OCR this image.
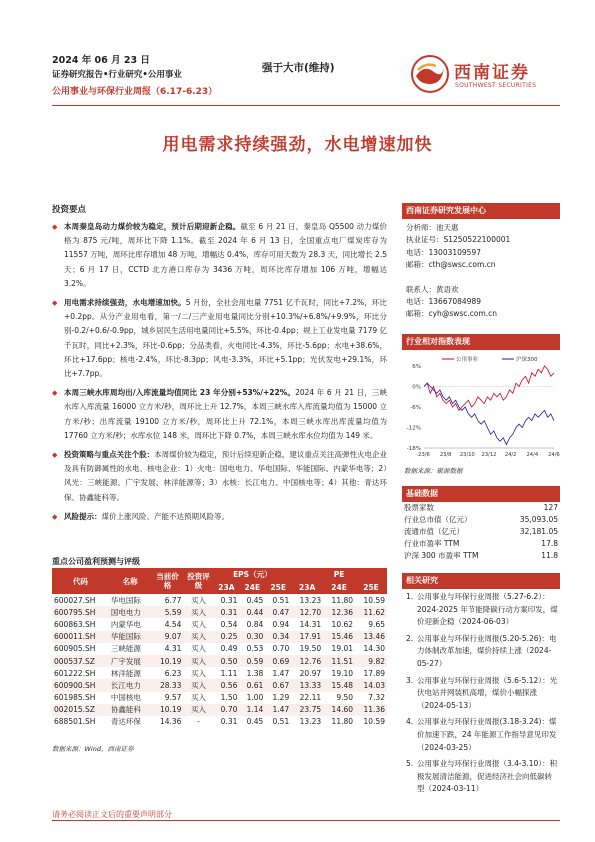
2024 年 06 月 23 日
证券研究报告•行业研究•公用事业
公用事业与环保行业周报（6.17-6.23）
强于大市(维持)	西南证券
SOUTHWEST SECURITIES
用电需求持续强劲，水电增速加快
投资要点
◆ 本周秦皇岛动力煤价较为稳定，预计后期迎新企稳。截至 6 月 21 日，秦皇岛 Q5500 动力煤价格为 875 元/吨，周环比下降 1.1%。截至 2024 年 6 月 13 日，全国重点电厂煤炭库存为 11557 万吨，周环比库存增加 48 万吨，增幅达 0.4%，库存可用天数为 28.3 天，同比增长 2.5 天；6 月 17 日，CCTD 北方港口库存为 3436 万吨，周环比库存增加 106 万吨，增幅达 3.2%。
◆ 用电需求持续强劲，水电增速加快。5 月份，全社会用电量 7751 亿千瓦时，同比+7.2%，环比+0.2pp。从分产业用电看，第一/二/三产业用电量同比分别+10.3%/+6.8%/+9.9%，环比分别-0.2/+0.6/-0.9pp，城乡居民生活用电量同比+5.5%，环比-0.4pp；规上工业发电量 7179 亿千瓦时，同比+2.3%，环比-0.6pp；分品类看，火电同比-4.3%，环比-5.6pp；水电+38.6%，环比+17.6pp；核电-2.4%，环比-8.3pp；风电-3.3%，环比+5.1pp；光伏发电+29.1%，环比+7.7pp。
◆ 本周三峡水库周均出/入库流量均值同比 23 年分别+53%/+22%。2024 年 6 月 21 日，三峡水库入库流量 16000 立方米/秒，周环比上升 12.7%，本周三峡水库入库流量均值为 15000 立方米/秒；出库流量 19100 立方米/秒，周环比上升 72.1%，本周三峡水库出库流量均值为 17760 立方米/秒；水库水位 148 米，周环比下降 0.7%，本周三峡水库水位均值为 149 米。
◆ 投资策略与重点关注个股：本周煤价较为稳定，预计后续迎新企稳，建议重点关注高弹性火电企业及具有防御属性的水电、核电企业：1）火电：国电电力、华电国际、华能国际、内蒙华电等；2）风光：三峡能源、广宇发展、林洋能源等；3）水核：长江电力、中国核电等；4）其他：青达环保、协鑫能科等。
◆ 风险提示：煤价上涨风险、产能不达预期风险等。
重点公司盈利预测与评级
代码	名称	当前价格	投资评级	EPS（元）			PE		
				23A	24E	25E	23A	24E	25E
600027.SH	华电国际	6.77	买入	0.31	0.45	0.51	13.23	11.80	10.59
600795.SH	国电电力	5.59	买入	0.31	0.44	0.47	12.70	12.36	11.62
600863.SH	内蒙华电	4.54	买入	0.54	0.84	0.94	14.31	10.62	9.65
600011.SH	华能国际	9.07	买入	0.25	0.30	0.34	17.91	15.46	13.46
600905.SH	三峡能源	4.31	买入	0.49	0.53	0.70	19.50	19.01	14.30
000537.SZ	广宇发展	10.19	买入	0.50	0.59	0.69	12.76	11.51	9.82
601222.SH	林洋能源	6.23	买入	1.11	1.38	1.47	20.97	19.10	17.89
600900.SH	长江电力	28.33	买入	0.56	0.61	0.67	13.33	15.48	14.03
601985.SH	中国核电	9.57	买入	1.50	1.00	1.29	22.11	9.50	7.32
002015.SZ	协鑫能科	10.19	买入	0.70	1.14	1.47	23.75	14.60	11.36
688501.SH	青达环保	14.36	-	0.31	0.45	0.51	13.23	11.80	10.59
数据来源：Wind，西南证券
西南证券研究发展中心
分析师：池天惠
执业证号：S1250522100001
电话：13003109597
邮箱：cth@swsc.com.cn
联系人：黄语欢
电话：13667084989
邮箱：cyh@swsc.com.cn
行业相对指数表现
公用事业	沪深300
6%
0%
-6%
-12%
-18%
23/6 23/8 23/10 23/12 24/2 24/4 24/6
数据来源：聚源数据
基础数据
股票家数	127
行业总市值（亿元）	35,093.05
流通市值（亿元）	32,181.05
行业市盈率 TTM	17.8
沪深 300 市盈率 TTM	11.8
相关研究
1. 公用事业与环保行业周报（5.27-6.2）：2024-2025 年节能降碳行动方案印发，煤价迎新企稳（2024-06-03）
2. 公用事业与环保行业周报(5.20-5.26)：电力体制改革加速，煤价持续上涨（2024-05-27）
3. 公用事业与环保行业周报（5.6-5.12）：光伏电站并网装机高增，煤价小幅探涨（2024-05-13）
4. 公用事业与环保行业周报(3.18-3.24)：煤价加速下跌，24 年能源工作指导意见印发（2024-03-25）
5. 公用事业与环保行业周报（3.4-3.10）：积极发展清洁能源，促进经济社会向低碳转型（2024-03-11）
请务必阅读正文后的重要声明部分
